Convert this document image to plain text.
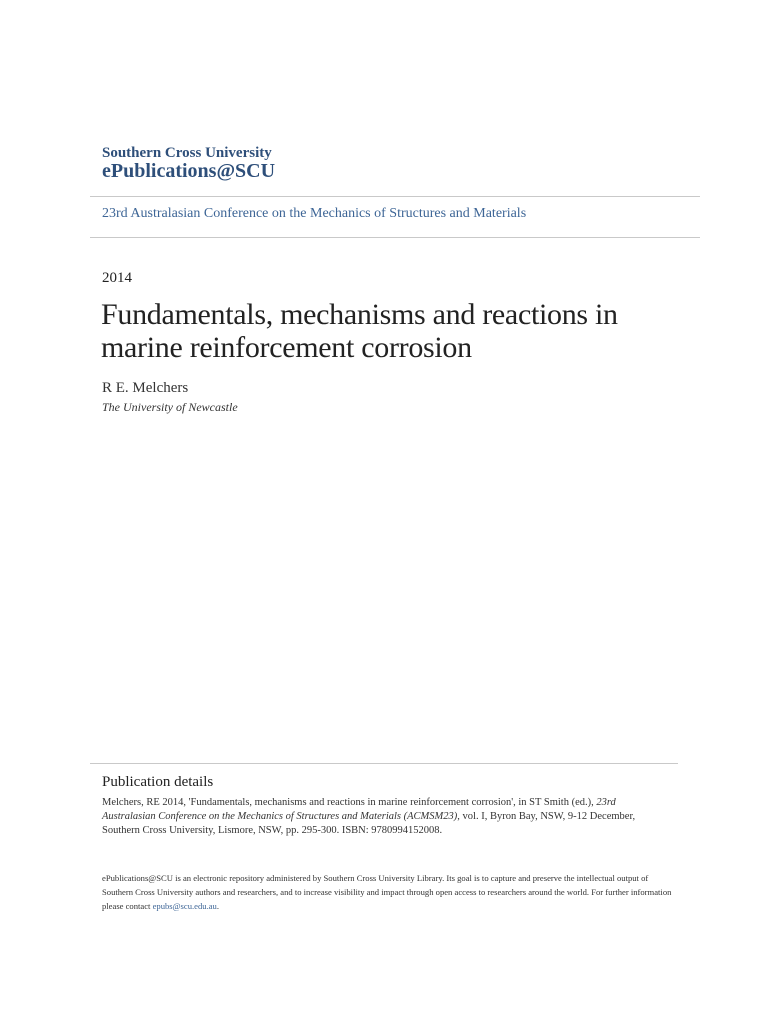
Southern Cross University
ePublications@SCU
23rd Australasian Conference on the Mechanics of Structures and Materials
2014
Fundamentals, mechanisms and reactions in
marine reinforcement corrosion
R E. Melchers
The University of Newcastle
Publication details
Melchers, RE 2014, 'Fundamentals, mechanisms and reactions in marine reinforcement corrosion', in ST Smith (ed.), 23rd Australasian Conference on the Mechanics of Structures and Materials (ACMSM23), vol. I, Byron Bay, NSW, 9-12 December, Southern Cross University, Lismore, NSW, pp. 295-300. ISBN: 9780994152008.
ePublications@SCU is an electronic repository administered by Southern Cross University Library. Its goal is to capture and preserve the intellectual output of Southern Cross University authors and researchers, and to increase visibility and impact through open access to researchers around the world. For further information please contact epubs@scu.edu.au.
